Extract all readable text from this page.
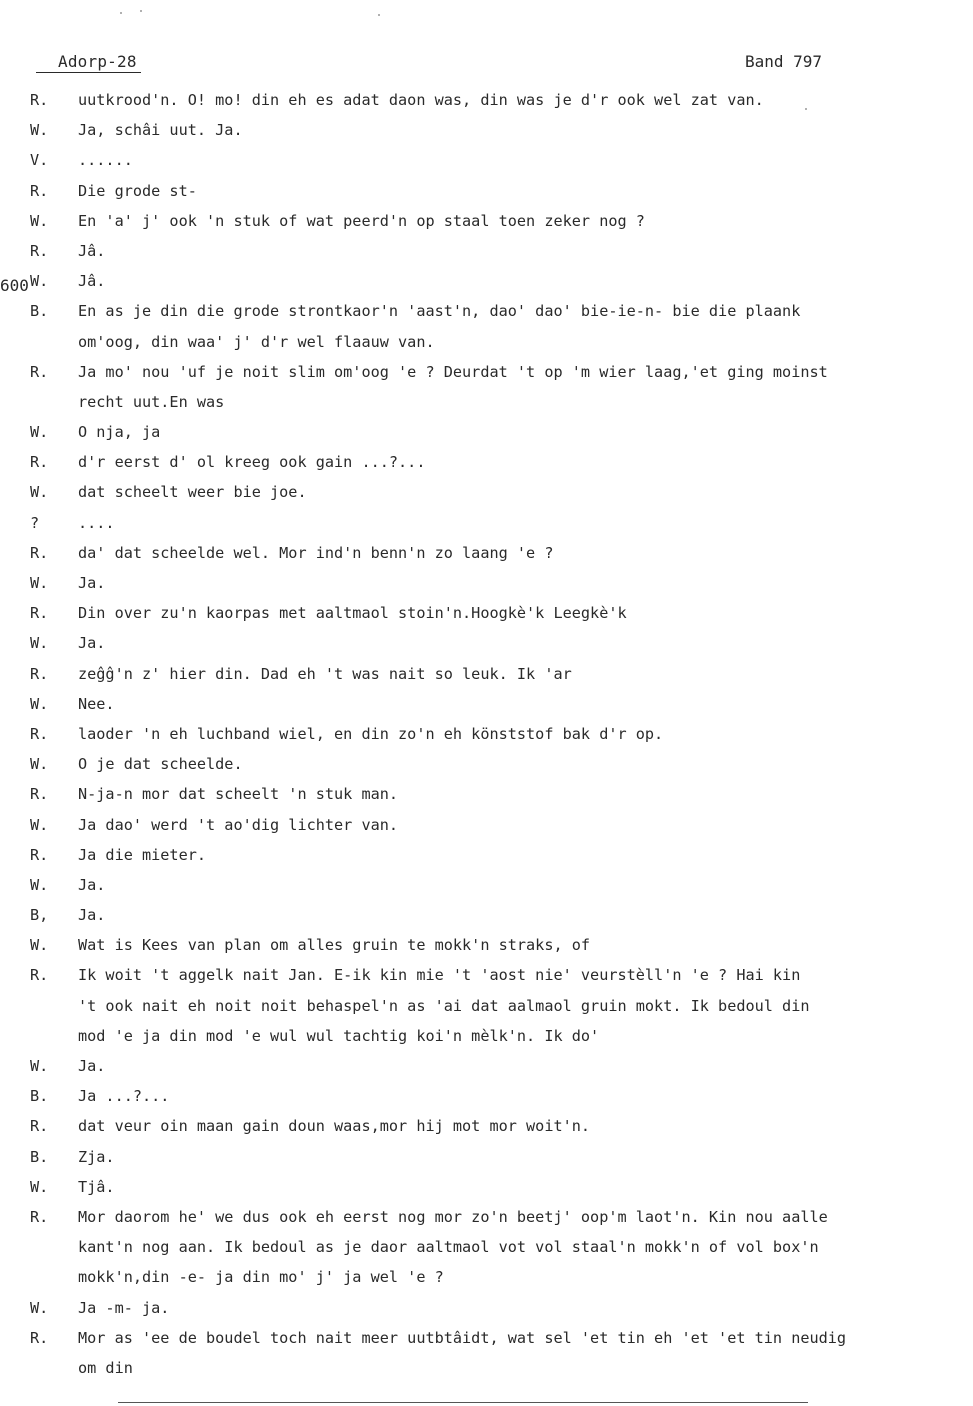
Adorp-28	Band 797
600
R.	uutkrood'n. O! mo! din eh es adat daon was, din was je d'r ook wel zat van.
W.	Ja, schâi uut. Ja.
V.	......
R.	Die grode st-
W.	En 'a' j' ook 'n stuk of wat peerd'n op staal toen zeker nog ?
R.	Jâ.
W.	Jâ.
B.	En as je din die grode strontkaor'n 'aast'n, dao' dao' bie-ie-n- bie die plaank
om'oog, din waa' j' d'r wel flaauw van.
R.	Ja mo' nou 'uf je noit slim om'oog 'e ? Deurdat 't op 'm wier laag,'et ging moinst
recht uut.En was
W.	O nja, ja
R.	d'r eerst d' ol kreeg ook gain ...?...
W.	dat scheelt weer bie joe.
?	....
R.	da' dat scheelde wel. Mor ind'n benn'n zo laang 'e ?
W.	Ja.
R.	Din over zu'n kaorpas met aaltmaol stoin'n.Hoogkè'k Leegkè'k
W.	Ja.
R.	zeĝĝ'n z' hier din. Dad eh 't was nait so leuk. Ik 'ar
W.	Nee.
R.	laoder 'n eh luchband wiel, en din zo'n eh könststof bak d'r op.
W.	O je dat scheelde.
R.	N-ja-n mor dat scheelt 'n stuk man.
W.	Ja dao' werd 't ao'dig lichter van.
R.	Ja die mieter.
W.	Ja.
B,	Ja.
W.	Wat is Kees van plan om alles gruin te mokk'n straks, of
R.	Ik woit 't aggelk nait Jan. E-ik kin mie 't 'aost nie' veurstèll'n 'e ? Hai kin
't ook nait eh noit noit behaspel'n as 'ai dat aalmaol gruin mokt. Ik bedoul din
mod 'e ja din mod 'e wul wul tachtig koi'n mèlk'n. Ik do'
W.	Ja.
B.	Ja ...?...
R.	dat veur oin maan gain doun waas,mor hij mot mor woit'n.
B.	Zja.
W.	Tjâ.
R.	Mor daorom he' we dus ook eh eerst nog mor zo'n beetj' oop'm laot'n. Kin nou aalle
kant'n nog aan. Ik bedoul as je daor aaltmaol vot vol staal'n mokk'n of vol box'n
mokk'n,din -e- ja din mo' j' ja wel 'e ?
W.	Ja -m- ja.
R.	Mor as 'ee de boudel toch nait meer uutbtâidt, wat sel 'et tin eh 'et 'et tin neudig
om din
